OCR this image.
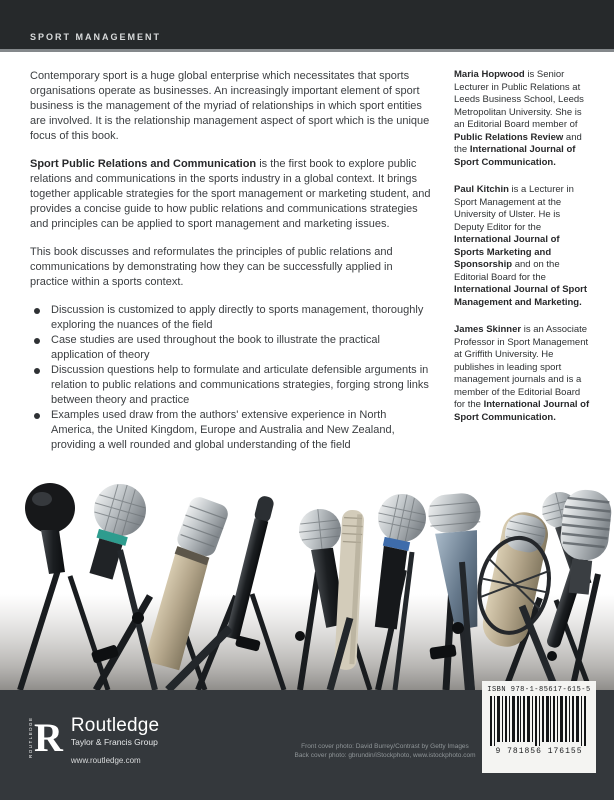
SPORT MANAGEMENT

Contemporary sport is a huge global enterprise which necessitates that sports organisations operate as businesses. An increasingly important element of sport business is the management of the myriad of relationships in which sport entities are involved. It is the relationship management aspect of sport which is the unique focus of this book.

Sport Public Relations and Communication is the first book to explore public relations and communications in the sports industry in a global context. It brings together applicable strategies for the sport management or marketing student, and provides a concise guide to how public relations and communications strategies and principles can be applied to sport management and marketing issues.

This book discusses and reformulates the principles of public relations and communications by demonstrating how they can be successfully applied in practice within a sports context.

Discussion is customized to apply directly to sports management, thoroughly exploring the nuances of the field
Case studies are used throughout the book to illustrate the practical application of theory
Discussion questions help to formulate and articulate defensible arguments in relation to public relations and communications strategies, forging strong links between theory and practice
Examples used draw from the authors' extensive experience in North America, the United Kingdom, Europe and Australia and New Zealand, providing a well rounded and global understanding of the field
Maria Hopwood is Senior Lecturer in Public Relations at Leeds Business School, Leeds Metropolitan University. She is an Editorial Board member of Public Relations Review and the International Journal of Sport Communication.
Paul Kitchin is a Lecturer in Sport Management at the University of Ulster. He is Deputy Editor for the International Journal of Sports Marketing and Sponsorship and on the Editorial Board for the International Journal of Sport Management and Marketing.
James Skinner is an Associate Professor in Sport Management at Griffith University. He publishes in leading sport management journals and is a member of the Editorial Board for the International Journal of Sport Communication.
ROUTLEDGE R Routledge
Taylor & Francis Group
www.routledge.com
Front cover photo: David Burrey/Contrast by Getty Images
Back cover photo: gbrundin/iStockphoto, www.istockphoto.com
ISBN 978-1-85617-615-5
9 781856 176155
